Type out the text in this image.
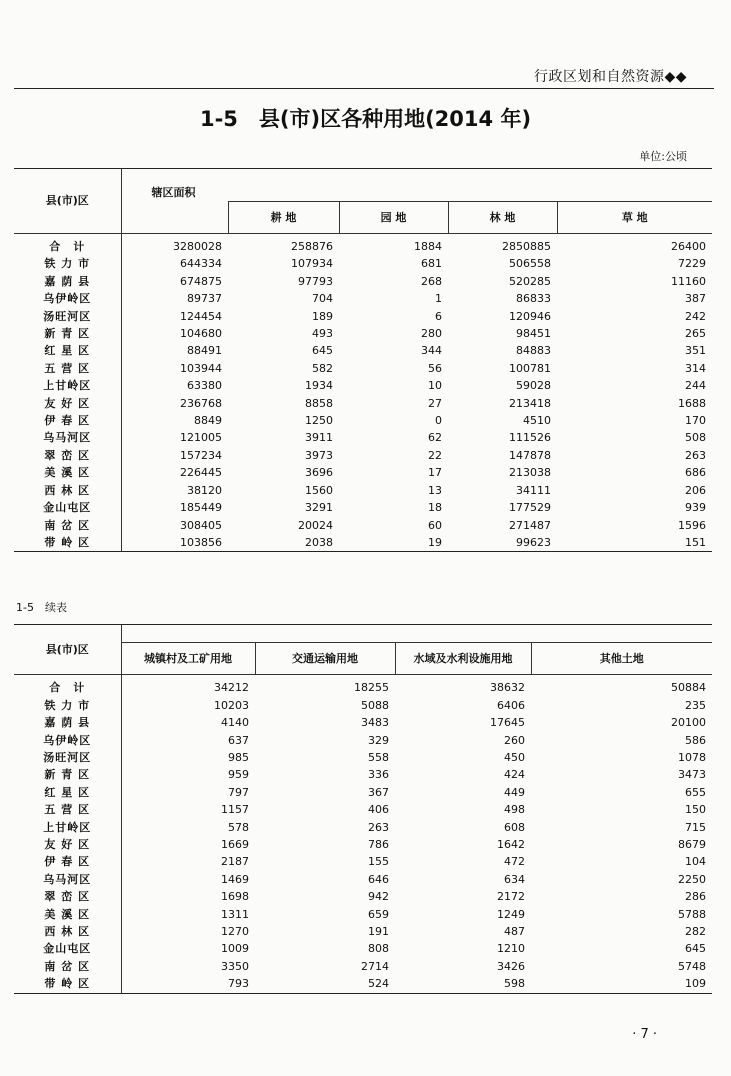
行政区划和自然资源◆◆
1-5　县(市)区各种用地(2014 年)
单位:公顷
县(市)区	辖区面积				
		耕 地	园 地	林 地	草 地
合　计	3280028	258876	1884	2850885	26400
铁 力 市	644334	107934	681	506558	7229
嘉 荫 县	674875	97793	268	520285	11160
乌伊岭区	89737	704	1	86833	387
汤旺河区	124454	189	6	120946	242
新 青 区	104680	493	280	98451	265
红 星 区	88491	645	344	84883	351
五 营 区	103944	582	56	100781	314
上甘岭区	63380	1934	10	59028	244
友 好 区	236768	8858	27	213418	1688
伊 春 区	8849	1250	0	4510	170
乌马河区	121005	3911	62	111526	508
翠 峦 区	157234	3973	22	147878	263
美 溪 区	226445	3696	17	213038	686
西 林 区	38120	1560	13	34111	206
金山屯区	185449	3291	18	177529	939
南 岔 区	308405	20024	60	271487	1596
带 岭 区	103856	2038	19	99623	151
1-5　续表
县(市)区				
	城镇村及工矿用地	交通运输用地	水域及水利设施用地	其他土地
合　计	34212	18255	38632	50884
铁 力 市	10203	5088	6406	235
嘉 荫 县	4140	3483	17645	20100
乌伊岭区	637	329	260	586
汤旺河区	985	558	450	1078
新 青 区	959	336	424	3473
红 星 区	797	367	449	655
五 营 区	1157	406	498	150
上甘岭区	578	263	608	715
友 好 区	1669	786	1642	8679
伊 春 区	2187	155	472	104
乌马河区	1469	646	634	2250
翠 峦 区	1698	942	2172	286
美 溪 区	1311	659	1249	5788
西 林 区	1270	191	487	282
金山屯区	1009	808	1210	645
南 岔 区	3350	2714	3426	5748
带 岭 区	793	524	598	109
· 7 ·
